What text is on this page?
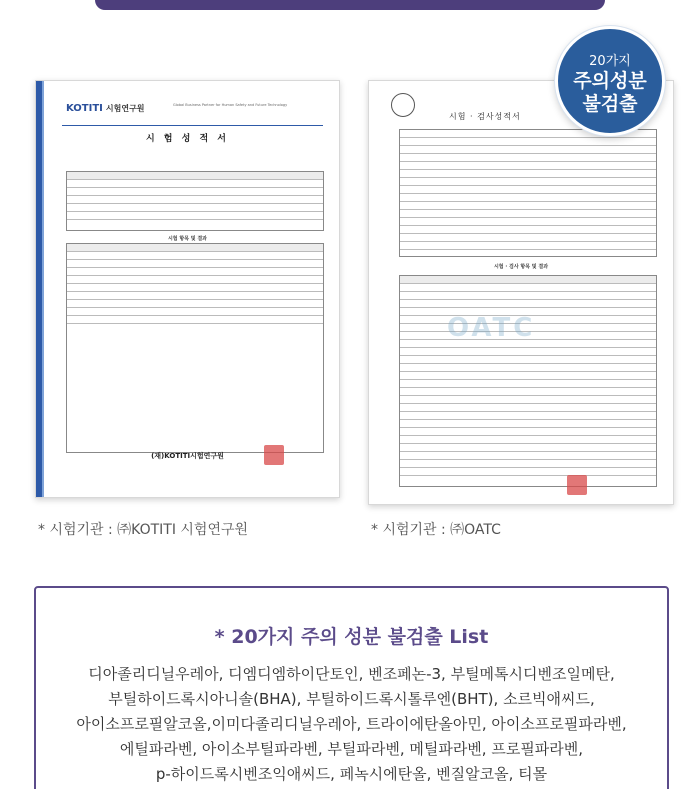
KOTITI 시험연구원	Global Business Partner for Human Safety and Future Technology
시 험 성 적 서
시험 항목 및 결과
(재)KOTITI시험연구원
시험 · 검사성적서
시험 · 검사 항목 및 결과
OATC
20가지
주의성분
불검출
* 시험기관 : ㈜KOTITI 시험연구원	* 시험기관 : ㈜OATC
* 20가지 주의 성분 불검출 List
디아졸리디닐우레아, 디엠디엠하이단토인, 벤조페논-3, 부틸메톡시디벤조일메탄,
부틸하이드록시아니솔(BHA), 부틸하이드록시톨루엔(BHT), 소르빅애씨드,
아이소프로필알코올,이미다졸리디닐우레아, 트라이에탄올아민, 아이소프로필파라벤,
에틸파라벤, 아이소부틸파라벤, 부틸파라벤, 메틸파라벤, 프로필파라벤,
p-하이드록시벤조익애씨드, 페녹시에탄올, 벤질알코올, 티몰
